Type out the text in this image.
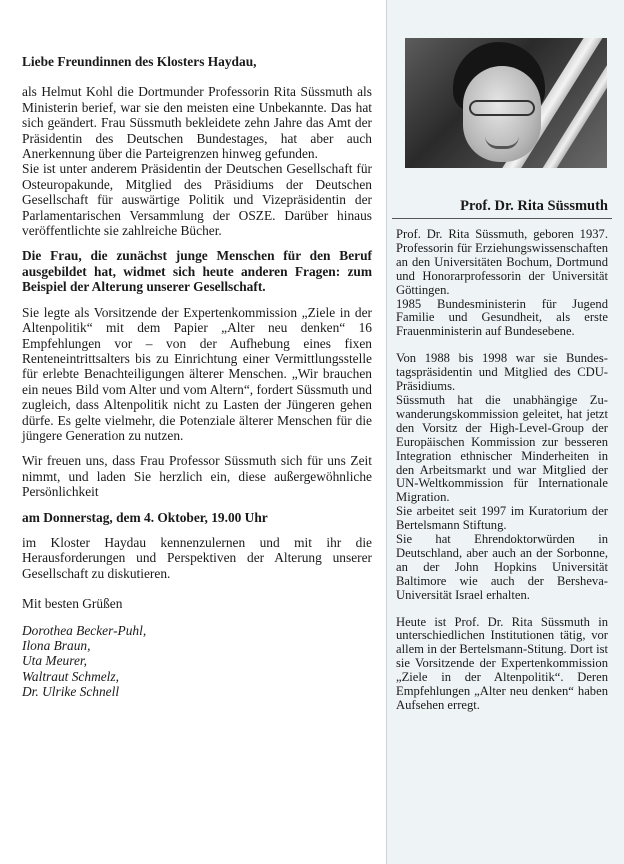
Liebe Freundinnen des Klosters Haydau,

als Helmut Kohl die Dortmunder Professorin Rita Süssmuth als Ministerin berief, war sie den meisten eine Unbekannte. Das hat sich geändert. Frau Süssmuth bekleidete zehn Jahre das Amt der Präsidentin des Deutschen Bundestages, hat aber auch Anerkennung über die Parteigrenzen hinweg gefunden.

Sie ist unter anderem Präsidentin der Deutschen Gesellschaft für Osteuropakunde, Mitglied des Präsidiums der Deutschen Gesellschaft für auswärtige Politik und Vizepräsidentin der Parlamentarischen Versammlung der OSZE. Darüber hinaus veröffentlichte sie zahlreiche Bücher.

Die Frau, die zunächst junge Menschen für den Beruf ausgebildet hat, widmet sich heute anderen Fragen: zum Beispiel der Alterung unserer Gesellschaft.

Sie legte als Vorsitzende der Expertenkommission „Ziele in der Altenpolitik“ mit dem Papier „Alter neu denken“ 16 Empfehlungen vor – von der Aufhebung eines fixen Renteneintrittsalters bis zu Einrichtung einer Vermittlungsstelle für erlebte Benachteiligungen älterer Menschen. „Wir brauchen ein neues Bild vom Alter und vom Altern“, fordert Süssmuth und zugleich, dass Altenpolitik nicht zu Lasten der Jüngeren gehen dürfe. Es gelte vielmehr, die Potenziale älterer Menschen für die jüngere Generation zu nutzen.

Wir freuen uns, dass Frau Professor Süssmuth sich für uns Zeit nimmt, und laden Sie herzlich ein, diese außergewöhnliche Persönlichkeit

am Donnerstag, dem 4. Oktober, 19.00 Uhr

im Kloster Haydau kennenzulernen und mit ihr die Herausforderungen und Perspektiven der Alterung unserer Gesellschaft zu diskutieren.

Mit besten Grüßen

Dorothea Becker-Puhl,

Ilona Braun,

Uta Meurer,

Waltraut Schmelz,

Dr. Ulrike Schnell

Prof. Dr. Rita Süssmuth

Prof. Dr. Rita Süssmuth, geboren 1937. Professorin für Erziehungswissenschaften an den Universitäten Bochum, Dortmund und Honorarprofessorin der Universität Göttingen.

1985 Bundesministerin für Jugend Familie und Gesundheit, als erste Frauenministerin auf Bundesebene.

Von 1988 bis 1998 war sie Bundestagspräsidentin und Mitglied des CDU-Präsidiums.

Süssmuth hat die unabhängige Zuwanderungskommission geleitet, hat jetzt den Vorsitz der High-Level-Group der Europäischen Kommission zur besseren Integration ethnischer Minderheiten in den Arbeitsmarkt und war Mitglied der UN-Weltkommission für Internationale Migration.

Sie arbeitet seit 1997 im Kuratorium der Bertelsmann Stiftung.

Sie hat Ehrendoktorwürden in Deutschland, aber auch an der Sorbonne, an der John Hopkins Universität Baltimore wie auch der Bersheva-Universität Israel erhalten.

Heute ist Prof. Dr. Rita Süssmuth in unterschiedlichen Institutionen tätig, vor allem in der Bertelsmann-Stitung. Dort ist sie Vorsitzende der Expertenkommission „Ziele in der Altenpolitik“. Deren Empfehlungen „Alter neu denken“ haben Aufsehen erregt.
